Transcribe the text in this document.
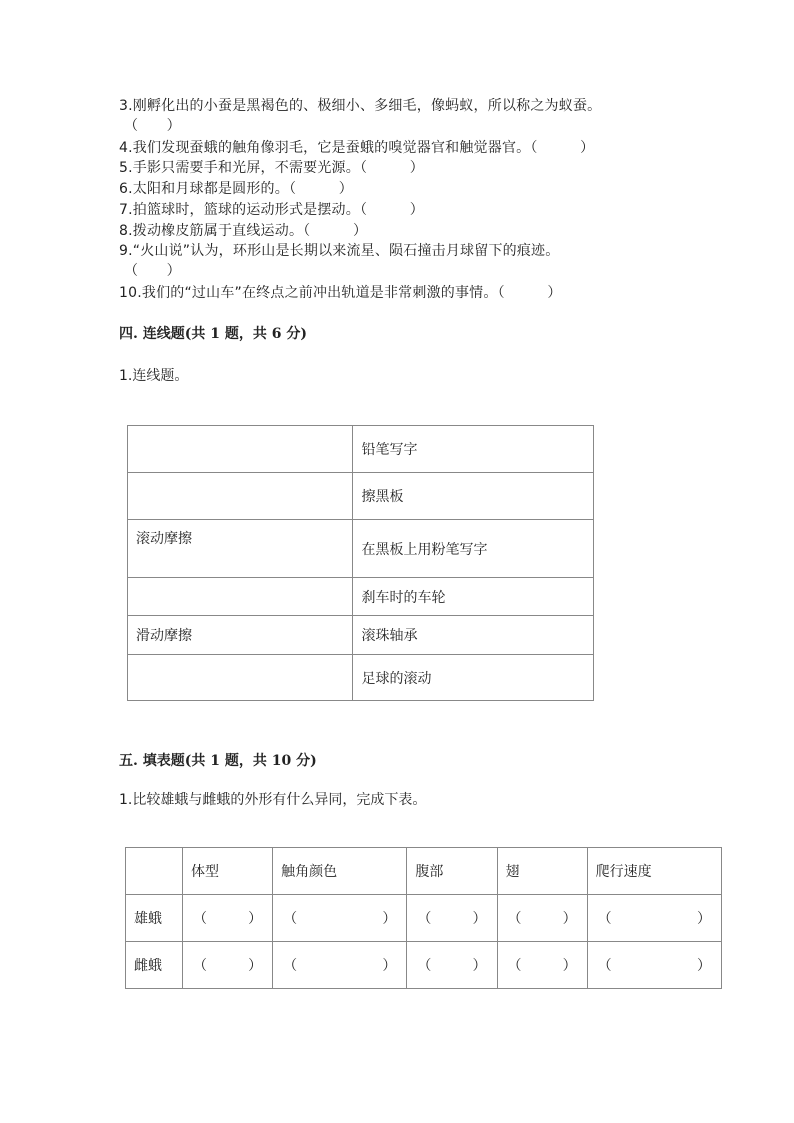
3.刚孵化出的小蚕是黑褐色的、极细小、多细毛，像蚂蚁，所以称之为蚁蚕。
（　　）
4.我们发现蚕蛾的触角像羽毛，它是蚕蛾的嗅觉器官和触觉器官。（　　　）
5.手影只需要手和光屏，不需要光源。（　　　）
6.太阳和月球都是圆形的。（　　　）
7.拍篮球时，篮球的运动形式是摆动。（　　　）
8.拨动橡皮筋属于直线运动。（　　　）
9.“火山说”认为，环形山是长期以来流星、陨石撞击月球留下的痕迹。
（　　）
10.我们的“过山车”在终点之前冲出轨道是非常刺激的事情。（　　　）
四. 连线题(共 1 题，共 6 分)
1.连线题。
	铅笔写字
	擦黑板
滚动摩擦	在黑板上用粉笔写字
	刹车时的车轮
滑动摩擦	滚珠轴承
	足球的滚动
五. 填表题(共 1 题，共 10 分)
1.比较雄蛾与雌蛾的外形有什么异同，完成下表。
	体型	触角颜色	腹部	翅	爬行速度
雄蛾	（ ）	（ ）	（ ）	（ ）	（ ）

雌蛾	（ ）	（ ）	（ ）	（ ）	（ ）
